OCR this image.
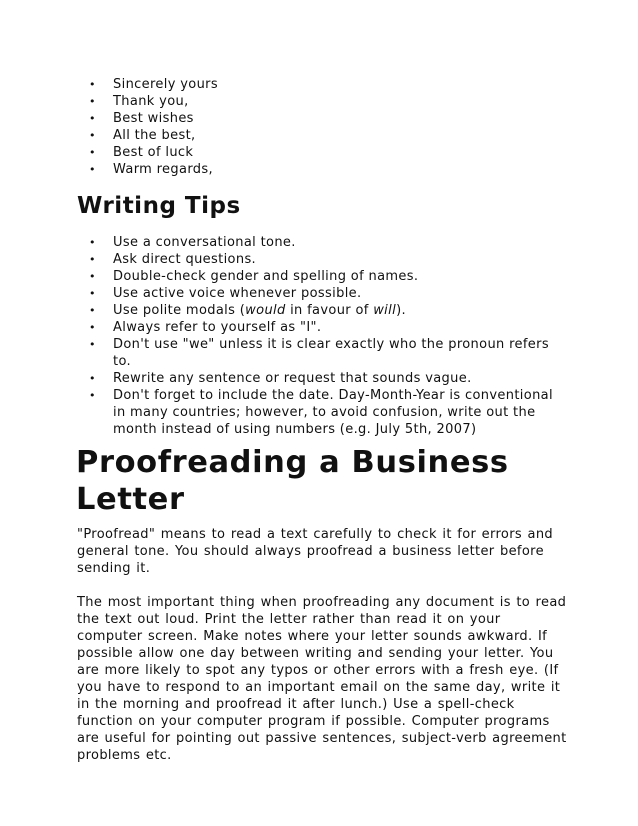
• Sincerely yours
• Thank you,
• Best wishes
• All the best,
• Best of luck
• Warm regards,
Writing Tips
• Use a conversational tone.
• Ask direct questions.
• Double-check gender and spelling of names.
• Use active voice whenever possible.
• Use polite modals (would in favour of will).
• Always refer to yourself as "I".
• Don't use "we" unless it is clear exactly who the pronoun refers to.
• Rewrite any sentence or request that sounds vague.
• Don't forget to include the date. Day-Month-Year is conventional in many countries; however, to avoid confusion, write out the month instead of using numbers (e.g. July 5th, 2007)
Proofreading a Business Letter

"Proofread" means to read a text carefully to check it for errors and general tone. You should always proofread a business letter before sending it.

The most important thing when proofreading any document is to read the text out loud. Print the letter rather than read it on your computer screen. Make notes where your letter sounds awkward. If possible allow one day between writing and sending your letter. You are more likely to spot any typos or other errors with a fresh eye. (If you have to respond to an important email on the same day, write it in the morning and proofread it after lunch.) Use a spell-check function on your computer program if possible. Computer programs are useful for pointing out passive sentences, subject-verb agreement problems etc.
